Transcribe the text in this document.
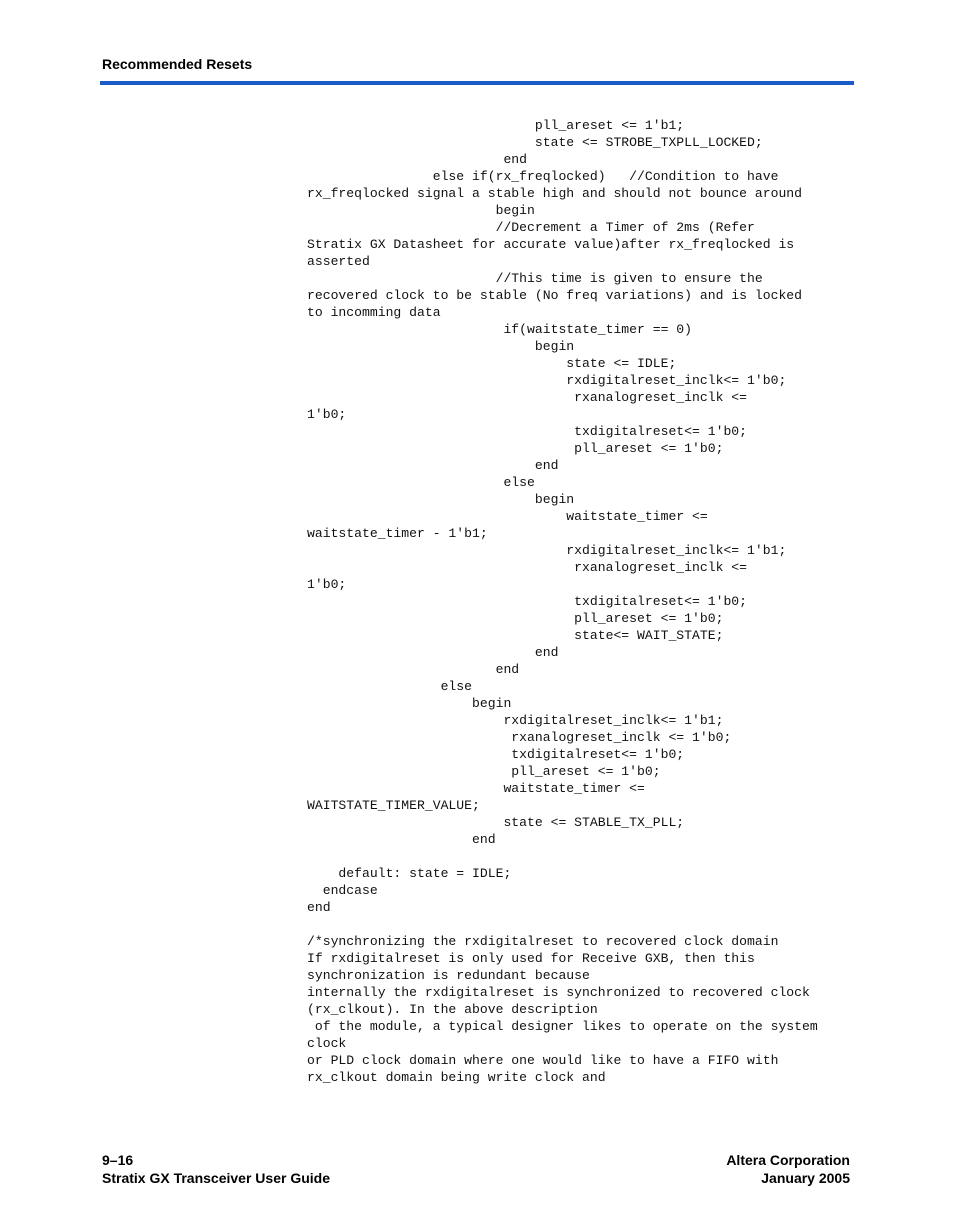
Recommended Resets
pll_areset <= 1'b1;
state <= STROBE_TXPLL_LOCKED;
end
else if(rx_freqlocked)   //Condition to have
rx_freqlocked signal a stable high and should not bounce around
begin
//Decrement a Timer of 2ms (Refer
Stratix GX Datasheet for accurate value)after rx_freqlocked is
asserted
//This time is given to ensure the
recovered clock to be stable (No freq variations) and is locked
to incomming data
if(waitstate_timer == 0)
begin
state <= IDLE;
rxdigitalreset_inclk<= 1'b0;
rxanalogreset_inclk <=
1'b0;
txdigitalreset<= 1'b0;
pll_areset <= 1'b0;
end
else
begin
waitstate_timer <=
waitstate_timer - 1'b1;
rxdigitalreset_inclk<= 1'b1;
rxanalogreset_inclk <=
1'b0;
txdigitalreset<= 1'b0;
pll_areset <= 1'b0;
state<= WAIT_STATE;
end
end
else
begin
rxdigitalreset_inclk<= 1'b1;
rxanalogreset_inclk <= 1'b0;
txdigitalreset<= 1'b0;
pll_areset <= 1'b0;
waitstate_timer <=
WAITSTATE_TIMER_VALUE;
state <= STABLE_TX_PLL;
end
default: state = IDLE;
endcase
end
/*synchronizing the rxdigitalreset to recovered clock domain
If rxdigitalreset is only used for Receive GXB, then this
synchronization is redundant because
internally the rxdigitalreset is synchronized to recovered clock
(rx_clkout). In the above description
of the module, a typical designer likes to operate on the system
clock
or PLD clock domain where one would like to have a FIFO with
rx_clkout domain being write clock and
9–16
Stratix GX Transceiver User Guide
Altera Corporation
January 2005
